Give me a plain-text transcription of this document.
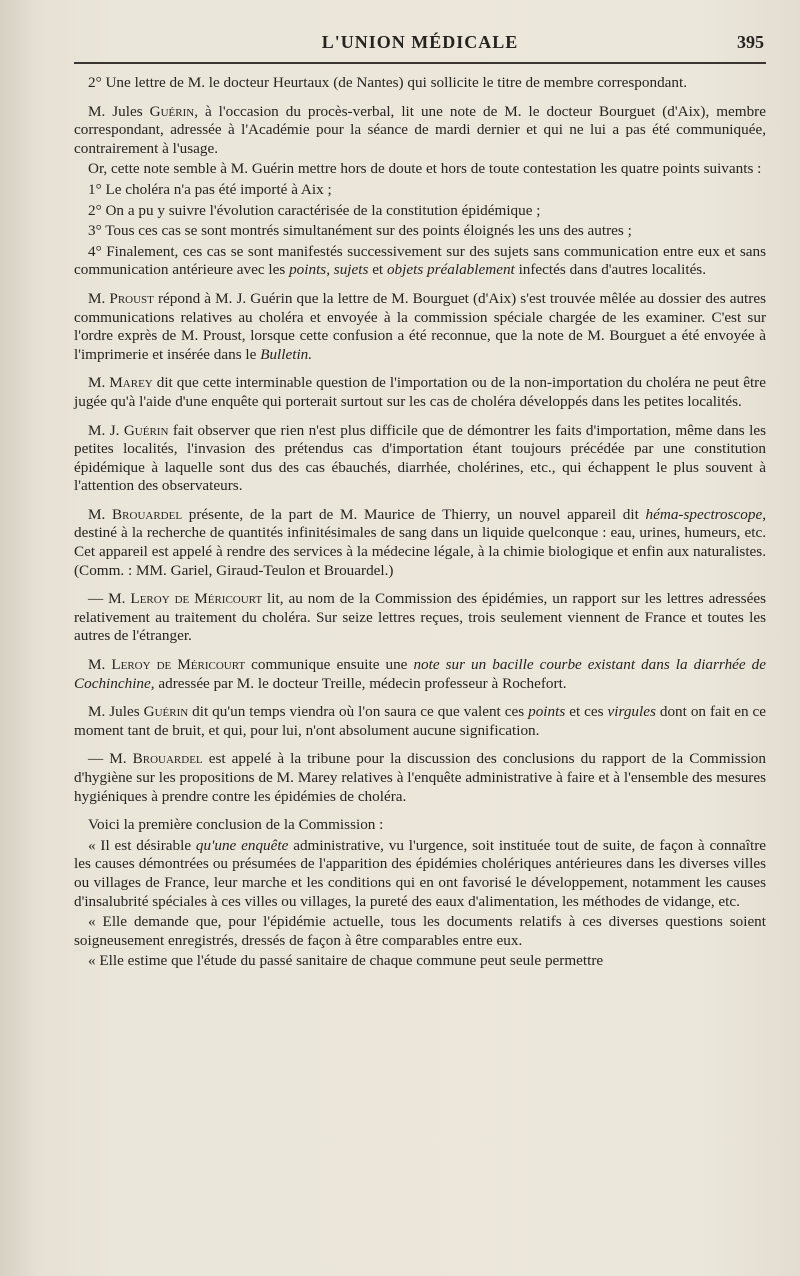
L'UNION MÉDICALE	395

2° Une lettre de M. le docteur Heurtaux (de Nantes) qui sollicite le titre de membre correspondant.

M. Jules Guérin, à l'occasion du procès-verbal, lit une note de M. le docteur Bourguet (d'Aix), membre correspondant, adressée à l'Académie pour la séance de mardi dernier et qui ne lui a pas été communiquée, contrairement à l'usage.

Or, cette note semble à M. Guérin mettre hors de doute et hors de toute contestation les quatre points suivants :

1° Le choléra n'a pas été importé à Aix ;

2° On a pu y suivre l'évolution caractérisée de la constitution épidémique ;

3° Tous ces cas se sont montrés simultanément sur des points éloignés les uns des autres ;

4° Finalement, ces cas se sont manifestés successivement sur des sujets sans communication entre eux et sans communication antérieure avec les points, sujets et objets préalablement infectés dans d'autres localités.

M. Proust répond à M. J. Guérin que la lettre de M. Bourguet (d'Aix) s'est trouvée mêlée au dossier des autres communications relatives au choléra et envoyée à la commission spéciale chargée de les examiner. C'est sur l'ordre exprès de M. Proust, lorsque cette confusion a été reconnue, que la note de M. Bourguet a été envoyée à l'imprimerie et insérée dans le Bulletin.

M. Marey dit que cette interminable question de l'importation ou de la non-importation du choléra ne peut être jugée qu'à l'aide d'une enquête qui porterait surtout sur les cas de choléra développés dans les petites localités.

M. J. Guérin fait observer que rien n'est plus difficile que de démontrer les faits d'importation, même dans les petites localités, l'invasion des prétendus cas d'importation étant toujours précédée par une constitution épidémique à laquelle sont dus des cas ébauchés, diarrhée, cholérines, etc., qui échappent le plus souvent à l'attention des observateurs.

M. Brouardel présente, de la part de M. Maurice de Thierry, un nouvel appareil dit héma-spectroscope, destiné à la recherche de quantités infinitésimales de sang dans un liquide quelconque : eau, urines, humeurs, etc. Cet appareil est appelé à rendre des services à la médecine légale, à la chimie biologique et enfin aux naturalistes. (Comm. : MM. Gariel, Giraud-Teulon et Brouardel.)

— M. Leroy de Méricourt lit, au nom de la Commission des épidémies, un rapport sur les lettres adressées relativement au traitement du choléra. Sur seize lettres reçues, trois seulement viennent de France et toutes les autres de l'étranger.

M. Leroy de Méricourt communique ensuite une note sur un bacille courbe existant dans la diarrhée de Cochinchine, adressée par M. le docteur Treille, médecin professeur à Rochefort.

M. Jules Guérin dit qu'un temps viendra où l'on saura ce que valent ces points et ces virgules dont on fait en ce moment tant de bruit, et qui, pour lui, n'ont absolument aucune signification.

— M. Brouardel est appelé à la tribune pour la discussion des conclusions du rapport de la Commission d'hygiène sur les propositions de M. Marey relatives à l'enquête administrative à faire et à l'ensemble des mesures hygiéniques à prendre contre les épidémies de choléra.

Voici la première conclusion de la Commission :

« Il est désirable qu'une enquête administrative, vu l'urgence, soit instituée tout de suite, de façon à connaître les causes démontrées ou présumées de l'apparition des épidémies cholériques antérieures dans les diverses villes ou villages de France, leur marche et les conditions qui en ont favorisé le développement, notamment les causes d'insalubrité spéciales à ces villes ou villages, la pureté des eaux d'alimentation, les méthodes de vidange, etc.

« Elle demande que, pour l'épidémie actuelle, tous les documents relatifs à ces diverses questions soient soigneusement enregistrés, dressés de façon à être comparables entre eux.

« Elle estime que l'étude du passé sanitaire de chaque commune peut seule permettre
